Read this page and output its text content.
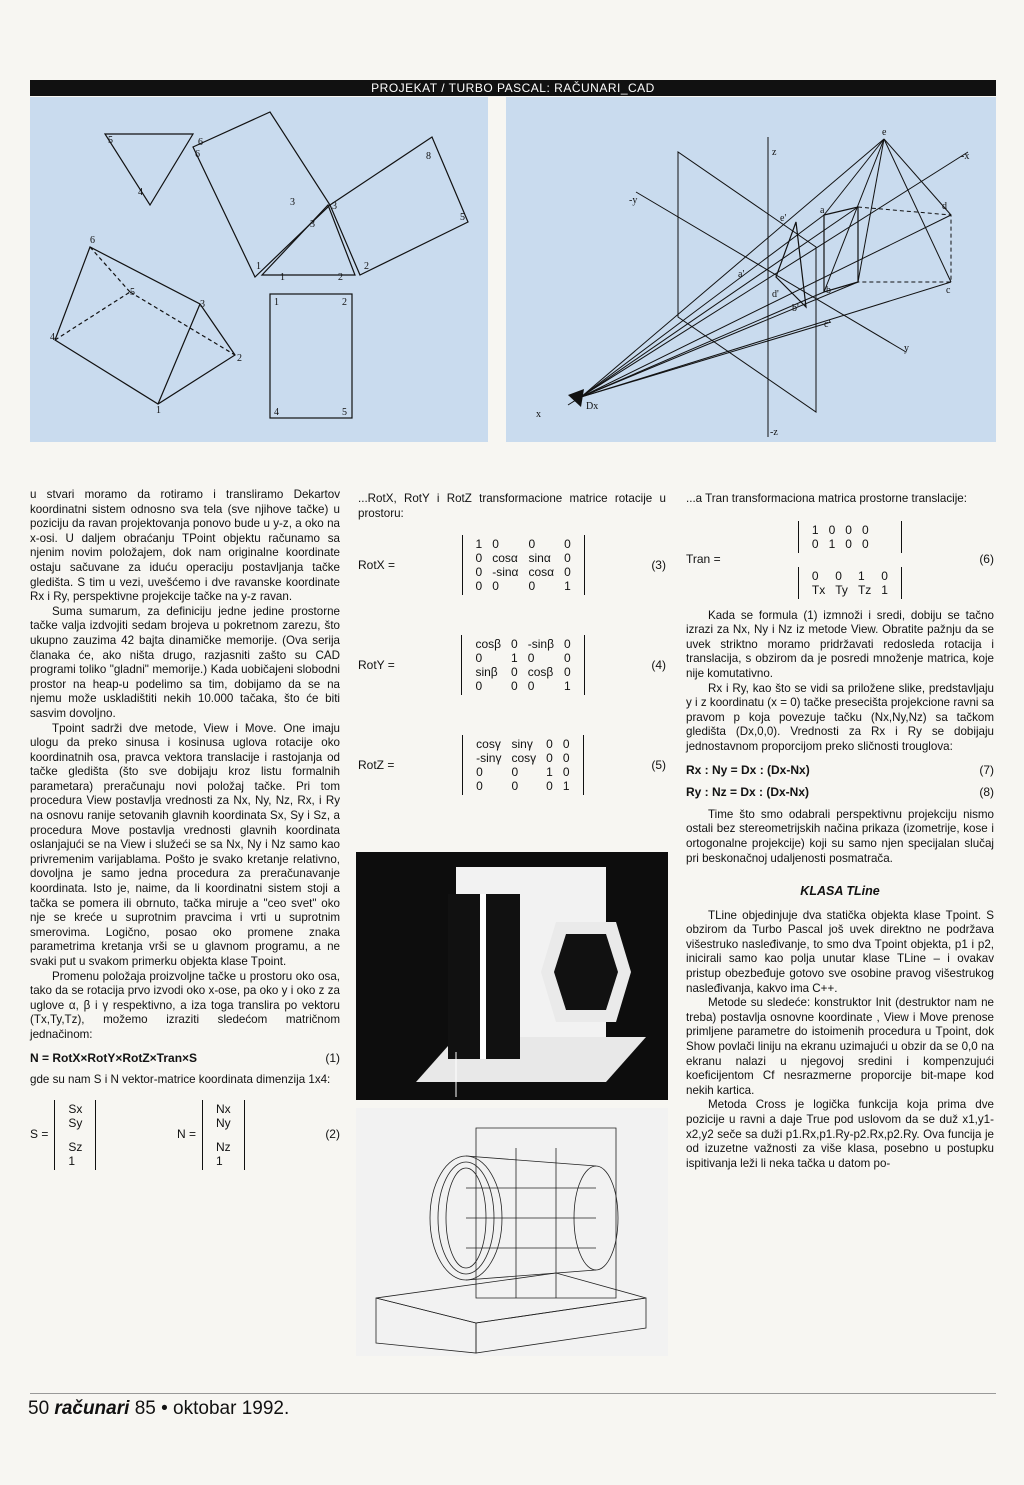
PROJEKAT / TURBO PASCAL: RAČUNARI_CAD
5	6
4
6
3
3
3
8
5
6
1
1	2
2
5
3
4
2
1
1	2
4	5
e
z	-x
-y
e'
a	d
a'
d'	b
b'
c
c'
y
Dx
x
-z

u stvari moramo da rotiramo i transliramo Dekartov koordinatni sistem odnosno sva tela (sve njihove tačke) u poziciju da ravan projektovanja ponovo bude u y-z, a oko na x-osi. U daljem obraćanju TPoint objektu računamo sa njenim novim položajem, dok nam originalne koordinate ostaju sačuvane za iduću operaciju postavljanja tačke gledišta. S tim u vezi, uvešćemo i dve ravanske koordinate Rx i Ry, perspektivne projekcije tačke na y-z ravan.

Suma sumarum, za definiciju jedne jedine prostorne tačke valja izdvojiti sedam brojeva u pokretnom zarezu, što ukupno zauzima 42 bajta dinamičke memorije. (Ova serija članaka će, ako ništa drugo, razjasniti zašto su CAD programi toliko "gladni" memorije.) Kada uobičajeni slobodni prostor na heap-u podelimo sa tim, dobijamo da se na njemu može uskladištiti nekih 10.000 tačaka, što će biti sasvim dovoljno.

Tpoint sadrži dve metode, View i Move. One imaju ulogu da preko sinusa i kosinusa uglova rotacije oko koordinatnih osa, pravca vektora translacije i rastojanja od tačke gledišta (što sve dobijaju kroz listu formalnih parametara) preračunaju novi položaj tačke. Pri tom procedura View postavlja vrednosti za Nx, Ny, Nz, Rx, i Ry na osnovu ranije setovanih glavnih koordinata Sx, Sy i Sz, a procedura Move postavlja vrednosti glavnih koordinata oslanjajući se na View i služeći se sa Nx, Ny i Nz samo kao privremenim varijablama. Pošto je svako kretanje relativno, dovoljna je samo jedna procedura za preračunavanje koordinata. Isto je, naime, da li koordinatni sistem stoji a tačka se pomera ili obrnuto, tačka miruje a "ceo svet" oko nje se kreće u suprotnim pravcima i vrti u suprotnim smerovima. Logično, posao oko promene znaka parametrima kretanja vrši se u glavnom programu, a ne svaki put u svakom primerku objekta klase Tpoint.

Promenu položaja proizvoljne tačke u prostoru oko osa, tako da se rotacija prvo izvodi oko x-ose, pa oko y i oko z za uglove α, β i γ respektivno, a iza toga translira po vektoru (Tx,Ty,Tz), možemo izraziti sledećom matričnom jednačinom:

N = RotX×RotY×RotZ×Tran×S	(1)

gde su nam S i N vektor-matrice koordinata dimenzija 1x4:

S =
Sx
Sy

Sz
1
N =
Nx
Ny

Nz
1
(2)

...RotX, RotY i RotZ transformacione matrice rotacije u prostoru:

RotX =
1	0	0	0
0	cosα	sinα	0
0	-sinα	cosα	0
0	0	0	1
(3)
RotY =
cosβ	0	-sinβ	0
0	1	0	0
sinβ	0	cosβ	0
0	0	0	1
(4)
RotZ =
cosγ	sinγ	0	0
-sinγ	cosγ	0	0
0	0	1	0
0	0	0	1
(5)

...a Tran transformaciona matrica prostorne translacije:

Tran =
1	0	0	0
0	1	0	0
0	0	1	0
Tx	Ty	Tz	1
(6)

Kada se formula (1) izmnoži i sredi, dobiju se tačno izrazi za Nx, Ny i Nz iz metode View. Obratite pažnju da se uvek striktno moramo pridržavati redosleda rotacija i translacija, s obzirom da je posredi množenje matrica, koje nije komutativno.

Rx i Ry, kao što se vidi sa priložene slike, predstavljaju y i z koordinatu (x = 0) tačke presecišta projekcione ravni sa pravom p koja povezuje tačku (Nx,Ny,Nz) sa tačkom gledišta (Dx,0,0). Vrednosti za Rx i Ry se dobijaju jednostavnom proporcijom preko sličnosti trouglova:

Rx : Ny = Dx : (Dx-Nx)	(7)
Ry : Nz = Dx : (Dx-Nx)	(8)

Time što smo odabrali perspektivnu projekciju nismo ostali bez stereometrijskih načina prikaza (izometrije, kose i ortogonalne projekcije) koji su samo njen specijalan slučaj pri beskonačnoj udaljenosti posmatrača.

KLASA TLine

TLine objedinjuje dva statička objekta klase Tpoint. S obzirom da Turbo Pascal još uvek direktno ne podržava višestruko nasleđivanje, to smo dva Tpoint objekta, p1 i p2, inicirali samo kao polja unutar klase TLine – i ovakav pristup obezbeđuje gotovo sve osobine pravog višestrukog nasleđivanja, kakvo ima C++.

Metode su sledeće: konstruktor Init (destruktor nam ne treba) postavlja osnovne koordinate , View i Move prenose primljene parametre do istoimenih procedura u Tpoint, dok Show povlači liniju na ekranu uzimajući u obzir da se 0,0 na ekranu nalazi u njegovoj sredini i kompenzujući koeficijentom Cf nesrazmerne proporcije bit-mape kod nekih kartica.

Metoda Cross je logička funkcija koja prima dve pozicije u ravni a daje True pod uslovom da se duž x1,y1-x2,y2 seče sa duži p1.Rx,p1.Ry-p2.Rx,p2.Ry. Ova funcija je od izuzetne važnosti za više klasa, posebno u postupku ispitivanja leži li neka tačka u datom po-

50 računari 85 • oktobar 1992.
